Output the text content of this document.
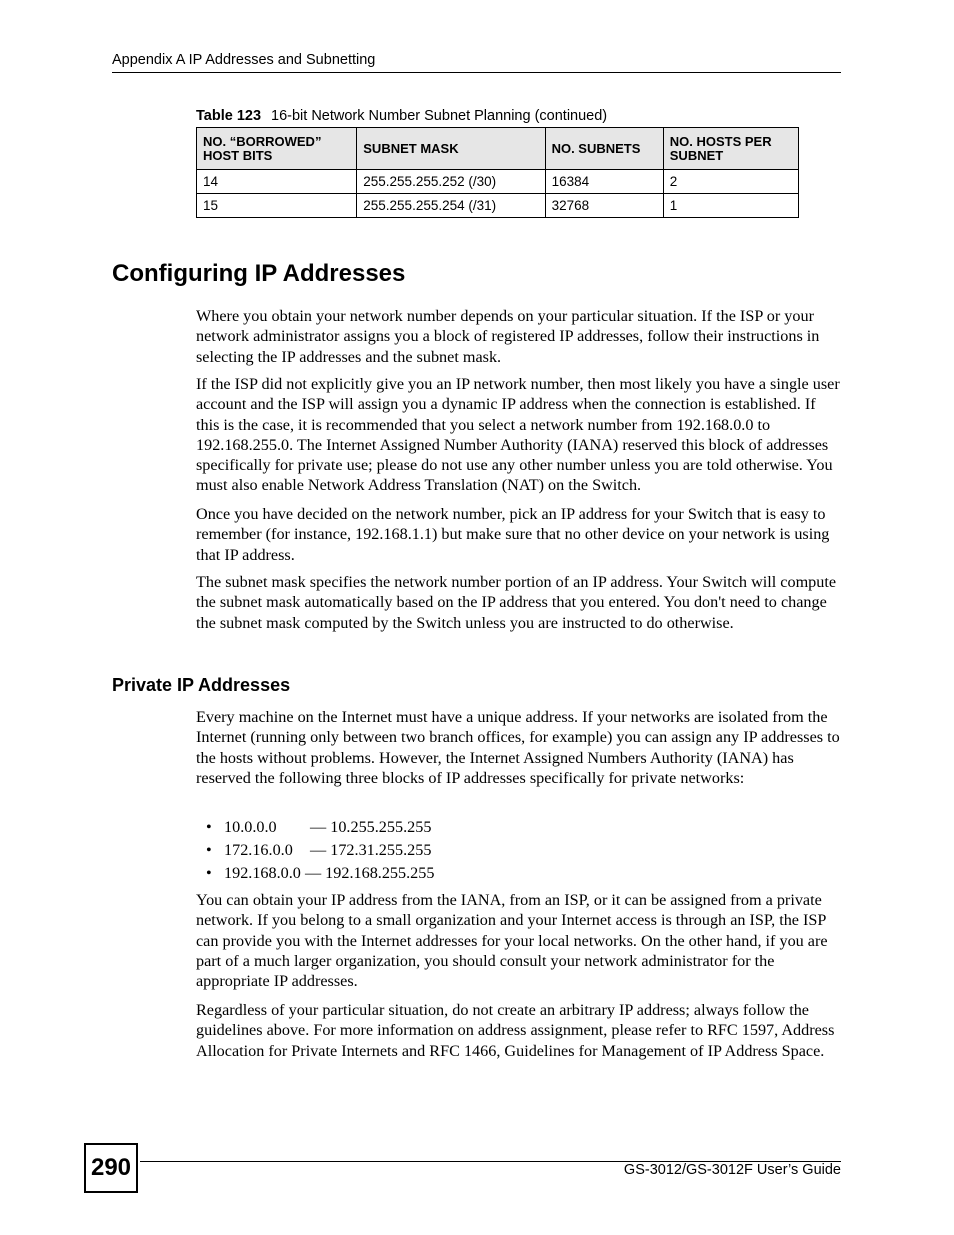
Appendix A IP Addresses and Subnetting
Table 123 16-bit Network Number Subnet Planning (continued)
NO. “BORROWED” HOST BITS	SUBNET MASK	NO. SUBNETS	NO. HOSTS PER SUBNET
14	255.255.255.252 (/30)	16384	2
15	255.255.255.254 (/31)	32768	1
Configuring IP Addresses

Where you obtain your network number depends on your particular situation. If the ISP or your network administrator assigns you a block of registered IP addresses, follow their instructions in selecting the IP addresses and the subnet mask.

If the ISP did not explicitly give you an IP network number, then most likely you have a single user account and the ISP will assign you a dynamic IP address when the connection is established. If this is the case, it is recommended that you select a network number from 192.168.0.0 to 192.168.255.0. The Internet Assigned Number Authority (IANA) reserved this block of addresses specifically for private use; please do not use any other number unless you are told otherwise. You must also enable Network Address Translation (NAT) on the Switch.

Once you have decided on the network number, pick an IP address for your Switch that is easy to remember (for instance, 192.168.1.1) but make sure that no other device on your network is using that IP address.

The subnet mask specifies the network number portion of an IP address. Your Switch will compute the subnet mask automatically based on the IP address that you entered. You don't need to change the subnet mask computed by the Switch unless you are instructed to do otherwise.

Private IP Addresses

Every machine on the Internet must have a unique address. If your networks are isolated from the Internet (running only between two branch offices, for example) you can assign any IP addresses to the hosts without problems. However, the Internet Assigned Numbers Authority (IANA) has reserved the following three blocks of IP addresses specifically for private networks:

• 10.0.0.0	— 10.255.255.255
• 172.16.0.0	— 172.31.255.255
• 192.168.0.0
— 192.168.255.255

You can obtain your IP address from the IANA, from an ISP, or it can be assigned from a private network. If you belong to a small organization and your Internet access is through an ISP, the ISP can provide you with the Internet addresses for your local networks. On the other hand, if you are part of a much larger organization, you should consult your network administrator for the appropriate IP addresses.

Regardless of your particular situation, do not create an arbitrary IP address; always follow the guidelines above. For more information on address assignment, please refer to RFC 1597, Address Allocation for Private Internets and RFC 1466, Guidelines for Management of IP Address Space.

290	GS-3012/GS-3012F User’s Guide
